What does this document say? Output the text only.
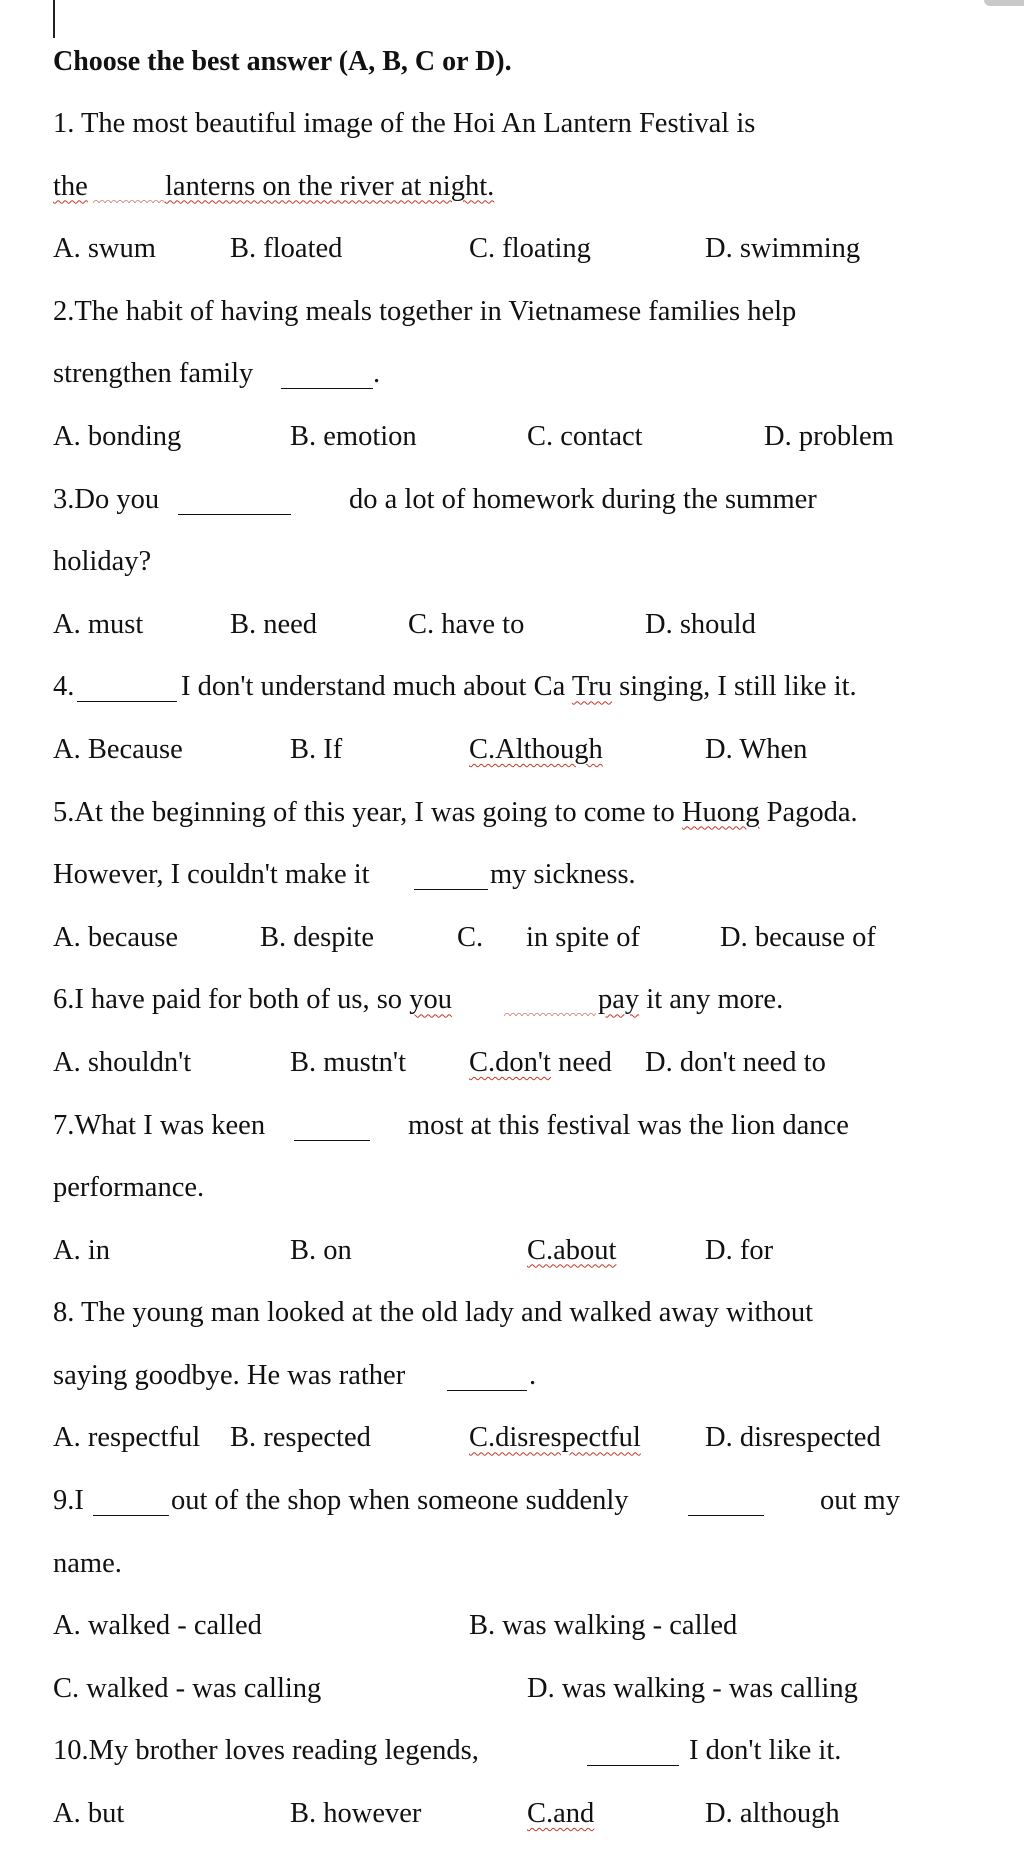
Choose the best answer (A, B, C or D).
1. The most beautiful image of the Hoi An Lantern Festival is
the	lanterns on the river at night.
A. swum	B. floated	C. floating	D. swimming
2.The habit of having meals together in Vietnamese families help
strengthen family	.
A. bonding	B. emotion	C. contact	D. problem
3.Do you	do a lot of homework during the summer
holiday?
A. must	B. need	C. have to	D. should
4.	I don't understand much about Ca Tru singing, I still like it.
A. Because	B. If	C.Although	D. When
5.At the beginning of this year, I was going to come to Huong Pagoda.
However, I couldn't make it	my sickness.
A. because	B. despite	C. in spite of	D. because of
6.I have paid for both of us, so you	pay it any more.
A. shouldn't	B. mustn't C.don't need D. don't need to
7.What I was keen	most at this festival was the lion dance
performance.
A. in	B. on	C.about	D. for
8. The young man looked at the old lady and walked away without
saying goodbye. He was rather	.
A. respectful B. respected	C.disrespectful D. disrespected
9.I	out of the shop when someone suddenly	out my
name.
A. walked - called	B. was walking - called
C. walked - was calling	D. was walking - was calling
10.My brother loves reading legends,	I don't like it.
A. but	B. however	C.and	D. although
